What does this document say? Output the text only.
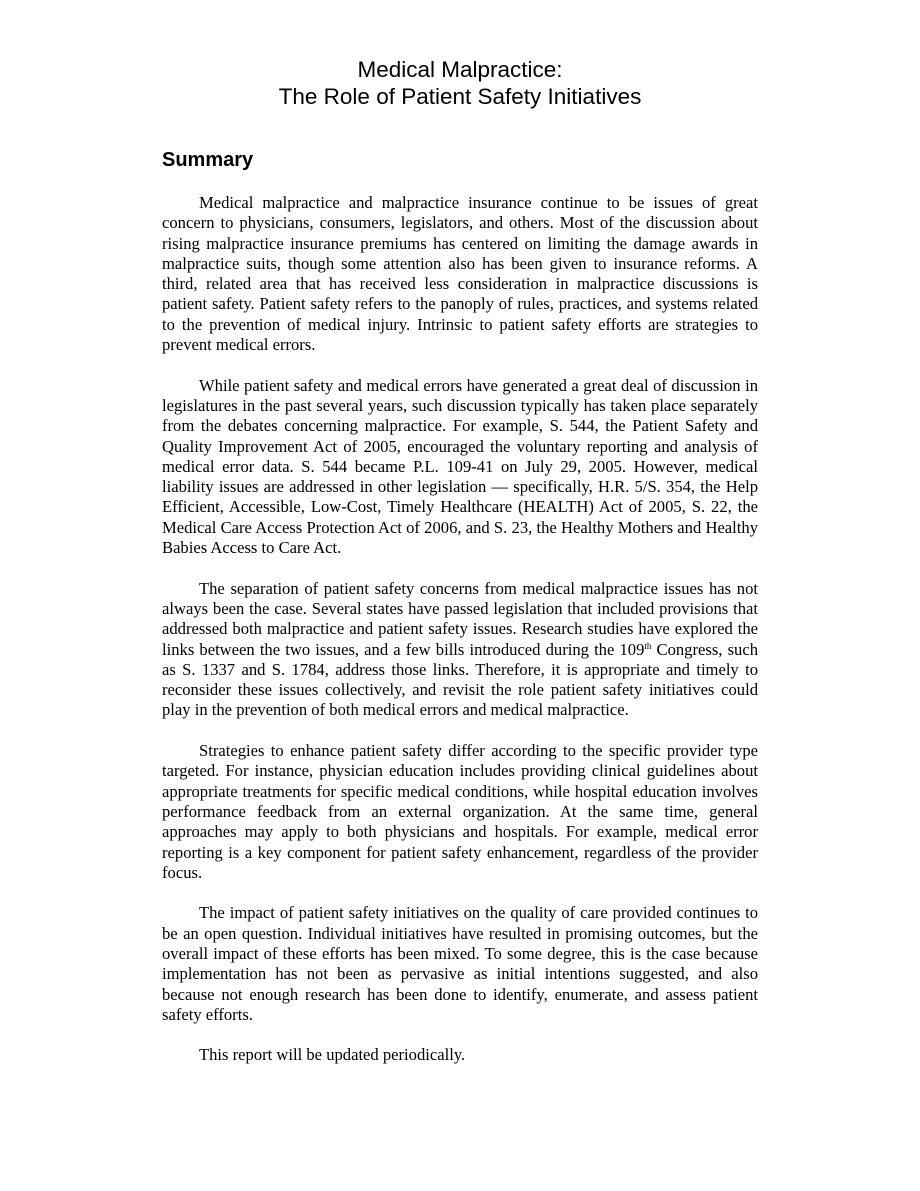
Medical Malpractice:
The Role of Patient Safety Initiatives
Summary

Medical malpractice and malpractice insurance continue to be issues of great concern to physicians, consumers, legislators, and others. Most of the discussion about rising malpractice insurance premiums has centered on limiting the damage awards in malpractice suits, though some attention also has been given to insurance reforms. A third, related area that has received less consideration in malpractice discussions is patient safety. Patient safety refers to the panoply of rules, practices, and systems related to the prevention of medical injury. Intrinsic to patient safety efforts are strategies to prevent medical errors.

While patient safety and medical errors have generated a great deal of discussion in legislatures in the past several years, such discussion typically has taken place separately from the debates concerning malpractice. For example, S. 544, the Patient Safety and Quality Improvement Act of 2005, encouraged the voluntary reporting and analysis of medical error data. S. 544 became P.L. 109-41 on July 29, 2005. However, medical liability issues are addressed in other legislation — specifically, H.R. 5/S. 354, the Help Efficient, Accessible, Low-Cost, Timely Healthcare (HEALTH) Act of 2005, S. 22, the Medical Care Access Protection Act of 2006, and S. 23, the Healthy Mothers and Healthy Babies Access to Care Act.

The separation of patient safety concerns from medical malpractice issues has not always been the case. Several states have passed legislation that included provisions that addressed both malpractice and patient safety issues. Research studies have explored the links between the two issues, and a few bills introduced during the 109th Congress, such as S. 1337 and S. 1784, address those links. Therefore, it is appropriate and timely to reconsider these issues collectively, and revisit the role patient safety initiatives could play in the prevention of both medical errors and medical malpractice.

Strategies to enhance patient safety differ according to the specific provider type targeted. For instance, physician education includes providing clinical guidelines about appropriate treatments for specific medical conditions, while hospital education involves performance feedback from an external organization. At the same time, general approaches may apply to both physicians and hospitals. For example, medical error reporting is a key component for patient safety enhancement, regardless of the provider focus.

The impact of patient safety initiatives on the quality of care provided continues to be an open question. Individual initiatives have resulted in promising outcomes, but the overall impact of these efforts has been mixed. To some degree, this is the case because implementation has not been as pervasive as initial intentions suggested, and also because not enough research has been done to identify, enumerate, and assess patient safety efforts.

This report will be updated periodically.
